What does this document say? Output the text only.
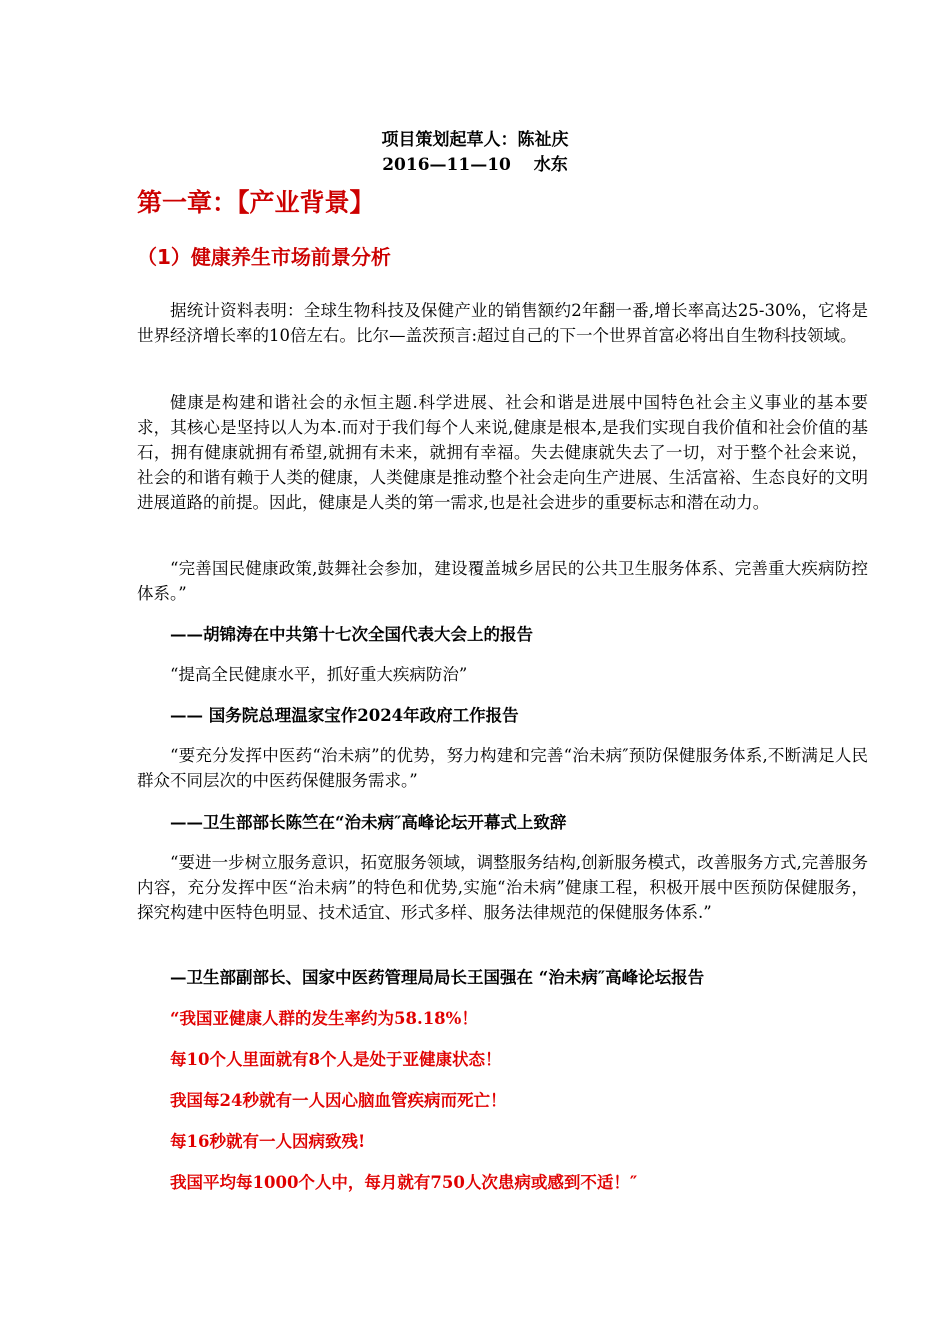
项目策划起草人：陈祉庆
2016—11—10　 水东
第一章：【产业背景】
（1）健康养生市场前景分析

据统计资料表明：全球生物科技及保健产业的销售额约2年翻一番,增长率高达25-30%，它将是世界经济增长率的10倍左右。比尔—盖茨预言:超过自己的下一个世界首富必将出自生物科技领域。

健康是构建和谐社会的永恒主题.科学进展、社会和谐是进展中国特色社会主义事业的基本要求，其核心是坚持以人为本.而对于我们每个人来说,健康是根本,是我们实现自我价值和社会价值的基石，拥有健康就拥有希望,就拥有未来，就拥有幸福。失去健康就失去了一切，对于整个社会来说，社会的和谐有赖于人类的健康，人类健康是推动整个社会走向生产进展、生活富裕、生态良好的文明进展道路的前提。因此，健康是人类的第一需求,也是社会进步的重要标志和潜在动力。

“完善国民健康政策,鼓舞社会参加，建设覆盖城乡居民的公共卫生服务体系、完善重大疾病防控体系。”

——胡锦涛在中共第十七次全国代表大会上的报告

“提高全民健康水平，抓好重大疾病防治”

—— 国务院总理温家宝作2024年政府工作报告

“要充分发挥中医药“治未病”的优势，努力构建和完善“治未病″预防保健服务体系,不断满足人民群众不同层次的中医药保健服务需求。”

——卫生部部长陈竺在“治未病″高峰论坛开幕式上致辞

“要进一步树立服务意识，拓宽服务领域，调整服务结构,创新服务模式，改善服务方式,完善服务内容，充分发挥中医“治未病”的特色和优势,实施“治未病”健康工程，积极开展中医预防保健服务，探究构建中医特色明显、技术适宜、形式多样、服务法律规范的保健服务体系.”

—卫生部副部长、国家中医药管理局局长王国强在 “治未病″高峰论坛报告

“我国亚健康人群的发生率约为58.18%！

每10个人里面就有8个人是处于亚健康状态！

我国每24秒就有一人因心脑血管疾病而死亡！

每16秒就有一人因病致残!

我国平均每1000个人中，每月就有750人次患病或感到不适！″
